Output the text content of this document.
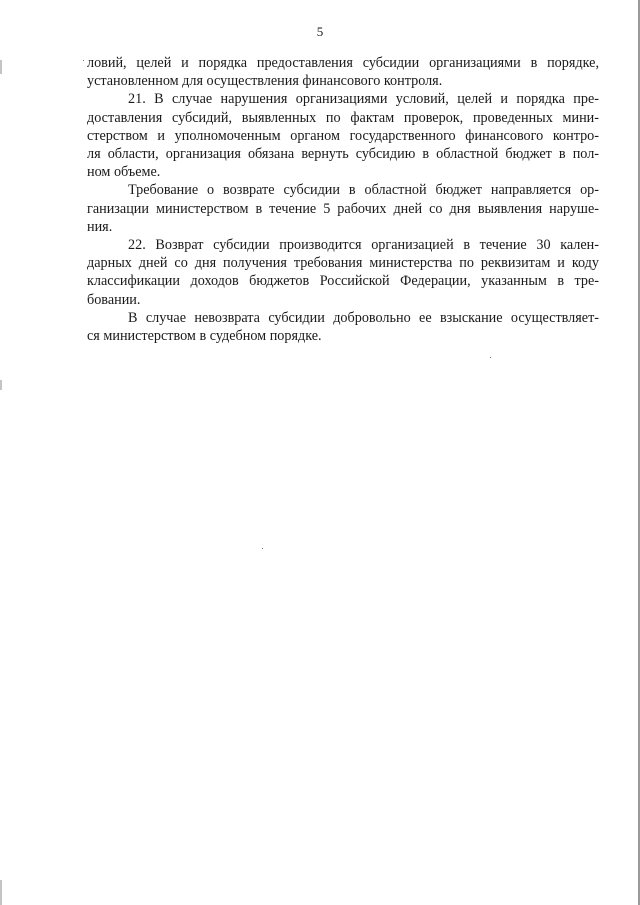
5

ловий, целей и порядка предоставления субсидии организациями в порядке,
установленном для осуществления финансового контроля.

21. В случае нарушения организациями условий, целей и порядка пре-
доставления субсидий, выявленных по фактам проверок, проведенных мини-
стерством и уполномоченным органом государственного финансового контро-
ля области, организация обязана вернуть субсидию в областной бюджет в пол-
ном объеме.

Требование о возврате субсидии в областной бюджет направляется ор-
ганизации министерством в течение 5 рабочих дней со дня выявления наруше-
ния.

22. Возврат субсидии производится организацией в течение 30 кален-
дарных дней со дня получения требования министерства по реквизитам и коду
классификации доходов бюджетов Российской Федерации, указанным в тре-
бовании.

В случае невозврата субсидии добровольно ее взыскание осуществляет-
ся министерством в судебном порядке.
